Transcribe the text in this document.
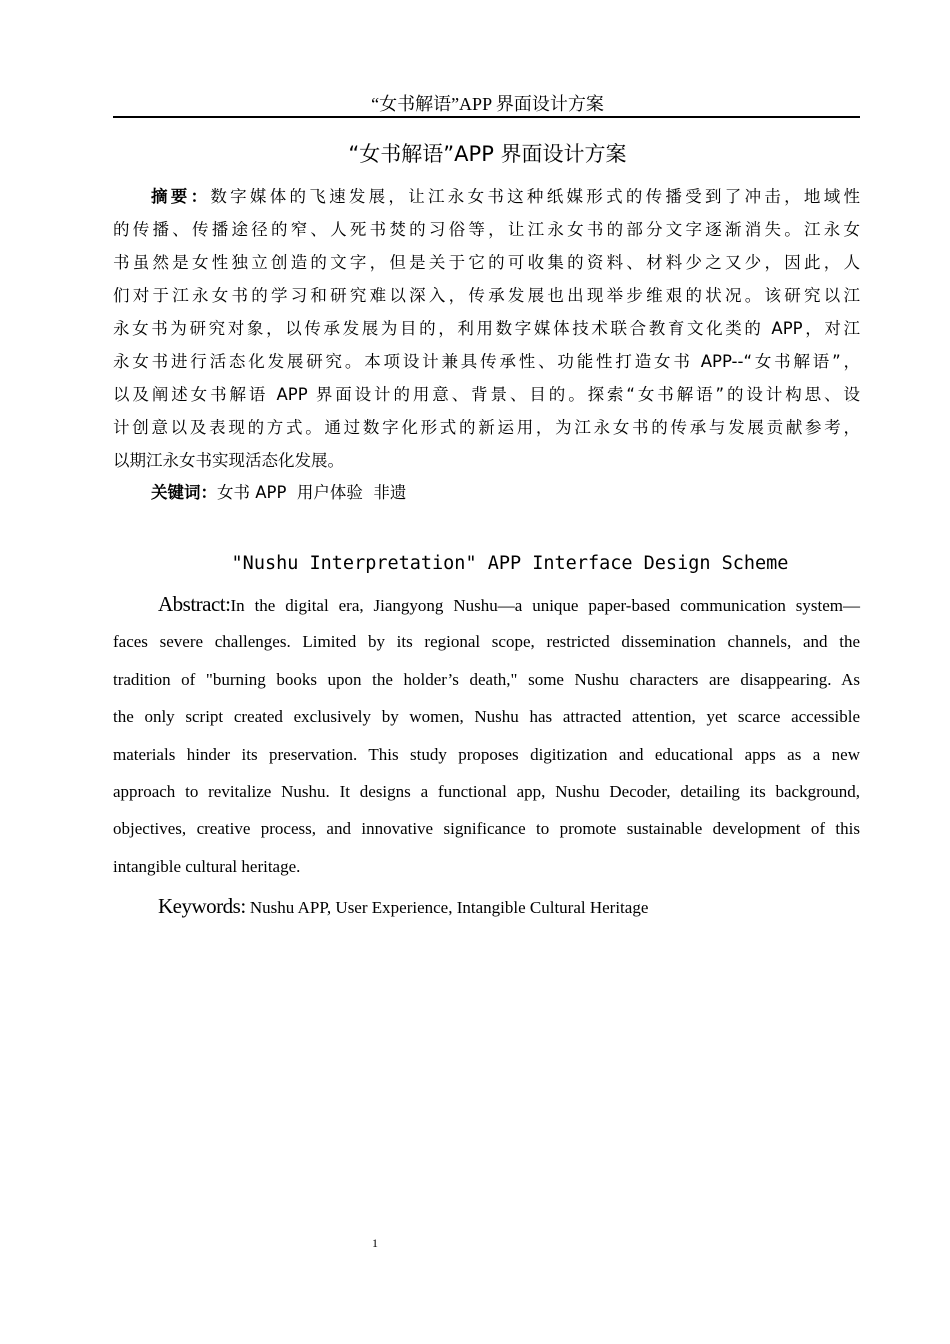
“女书解语”APP 界面设计方案
“女书解语”APP 界面设计方案
摘要：数字媒体的飞速发展，让江永女书这种纸媒形式的传播受到了冲击，地域性
的传播、传播途径的窄、人死书焚的习俗等，让江永女书的部分文字逐渐消失。江永女
书虽然是女性独立创造的文字，但是关于它的可收集的资料、材料少之又少，因此，人
们对于江永女书的学习和研究难以深入，传承发展也出现举步维艰的状况。该研究以江
永女书为研究对象，以传承发展为目的，利用数字媒体技术联合教育文化类的 APP，对江
永女书进行活态化发展研究。本项设计兼具传承性、功能性打造女书 APP--“女书解语”，
以及阐述女书解语 APP 界面设计的用意、背景、目的。探索“女书解语”的设计构思、设
计创意以及表现的方式。通过数字化形式的新运用，为江永女书的传承与发展贡献参考，
以期江永女书实现活态化发展。
关键词：女书 APP  用户体验  非遗
"Nushu Interpretation" APP Interface Design Scheme
Abstract:In the digital era, Jiangyong Nushu—a unique paper-based communication system—
faces severe challenges. Limited by its regional scope, restricted dissemination channels, and the
tradition of "burning books upon the holder’s death," some Nushu characters are disappearing. As
the only script created exclusively by women, Nushu has attracted attention, yet scarce accessible
materials hinder its preservation. This study proposes digitization and educational apps as a new
approach to revitalize Nushu. It designs a functional app, Nushu Decoder, detailing its background,
objectives, creative process, and innovative significance to promote sustainable development of this
intangible cultural heritage.
Keywords: Nushu APP, User Experience, Intangible Cultural Heritage
1
